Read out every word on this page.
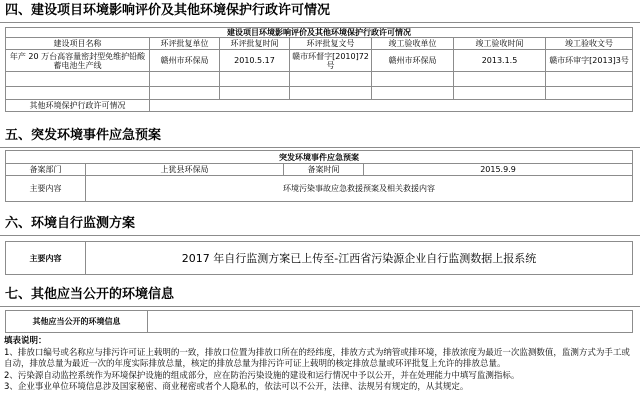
四、建设项目环境影响评价及其他环境保护行政许可情况
建设项目环境影响评价及其他环境保护行政许可情况						
建设项目名称	环评批复单位	环评批复时间	环评批复文号	竣工验收单位	竣工验收时间	竣工验收文号
年产 20 万台高容量密封型免维护铅酸蓄电池生产线	赣州市环保局	2010.5.17	赣市环督字[2010]72号	赣州市环保局	2013.1.5	赣市环审字[2013]3号

其他环境保护行政许可情况						
五、突发环境事件应急预案
突发环境事件应急预案			
备案部门	上犹县环保局	备案时间	2015.9.9
主要内容	环境污染事故应急救援预案及相关救援内容		
六、环境自行监测方案
主要内容	2017 年自行监测方案已上传至-江西省污染源企业自行监测数据上报系统
七、其他应当公开的环境信息
其他应当公开的环境信息	
填表说明：
1、排放口编号或名称应与排污许可证上载明的一致，排放口位置为排放口所在的经纬度，排放方式为纳管或排环境，排放浓度为最近一次监测数值，监测方式为手工或自动，排放总量为最近一次的年度实际排放总量，核定的排放总量为排污许可证上载明的核定排放总量或环评批复上允许的排放总量。
2、污染源自动监控系统作为环境保护设施的组成部分，应在防治污染设施的建设和运行情况中予以公开，并在处理能力中填写监测指标。
3、企业事业单位环境信息涉及国家秘密、商业秘密或者个人隐私的，依法可以不公开，法律、法规另有规定的，从其规定。
